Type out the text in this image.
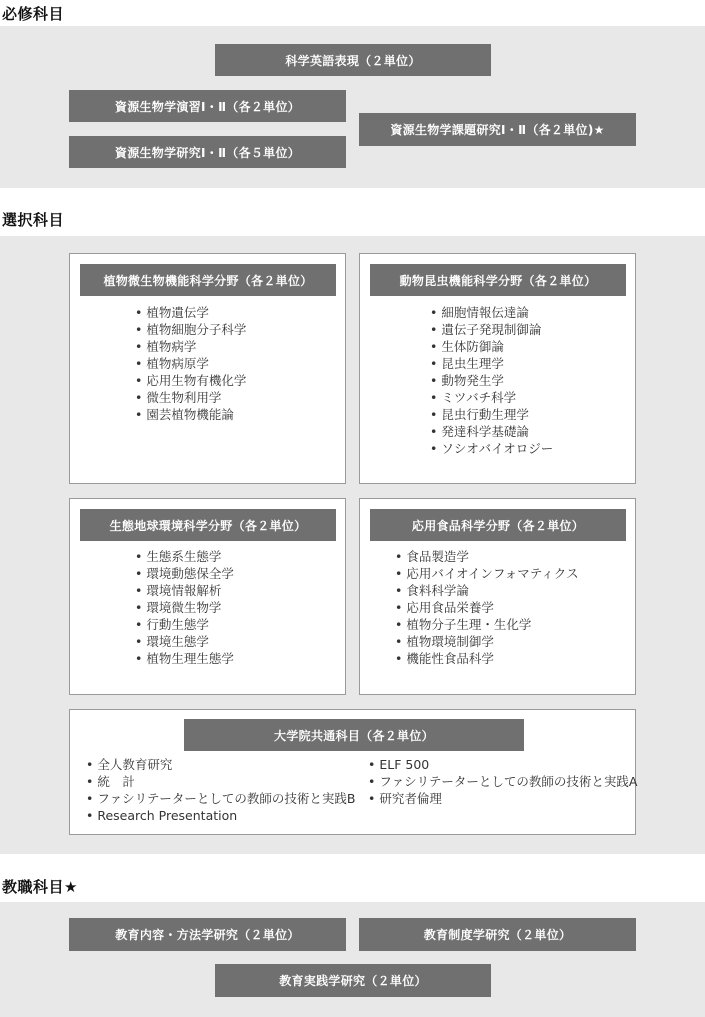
必修科目
科学英語表現（２単位）
資源生物学演習Ⅰ・Ⅱ（各２単位）
資源生物学研究Ⅰ・Ⅱ（各５単位）
資源生物学課題研究Ⅰ・Ⅱ（各２単位)★
選択科目
植物微生物機能科学分野（各２単位）
• 植物遺伝学
• 植物細胞分子科学
• 植物病学
• 植物病原学
• 応用生物有機化学
• 微生物利用学
• 園芸植物機能論
動物昆虫機能科学分野（各２単位）
• 細胞情報伝達論
• 遺伝子発現制御論
• 生体防御論
• 昆虫生理学
• 動物発生学
• ミツバチ科学
• 昆虫行動生理学
• 発達科学基礎論
• ソシオバイオロジー
生態地球環境科学分野（各２単位）
• 生態系生態学
• 環境動態保全学
• 環境情報解析
• 環境微生物学
• 行動生態学
• 環境生態学
• 植物生理生態学
応用食品科学分野（各２単位）
• 食品製造学
• 応用バイオインフォマティクス
• 食料科学論
• 応用食品栄養学
• 植物分子生理・生化学
• 植物環境制御学
• 機能性食品科学
大学院共通科目（各２単位）
• 全人教育研究
• 統　計
• ファシリテーターとしての教師の技術と実践B
• Research Presentation
• ELF 500
• ファシリテーターとしての教師の技術と実践A
• 研究者倫理
教職科目★
教育内容・方法学研究（２単位）	教育制度学研究（２単位）
教育実践学研究（２単位）
